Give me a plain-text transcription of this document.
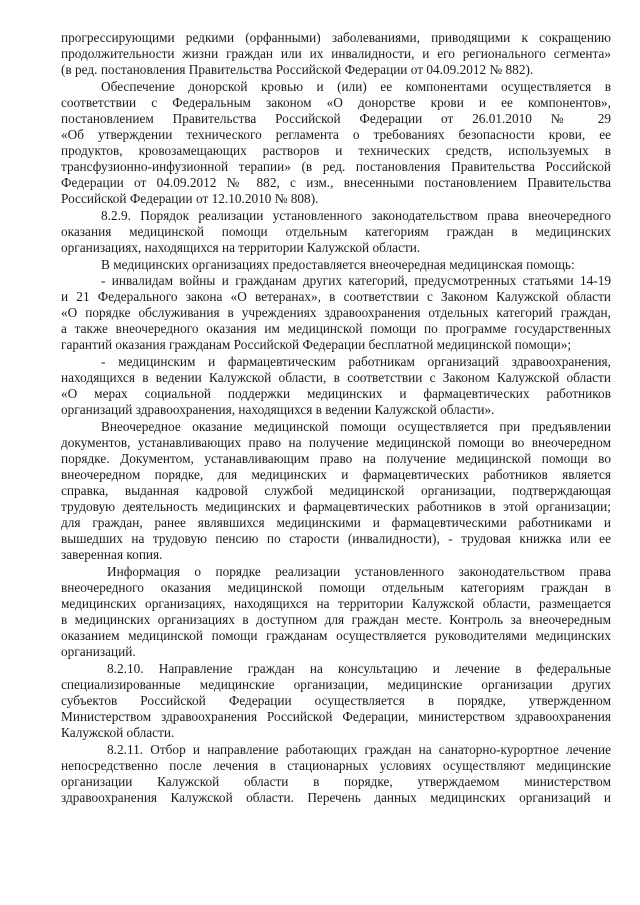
прогрессирующими редкими (орфанными) заболеваниями, приводящими к сокращению
продолжительности жизни граждан или их инвалидности, и его регионального сегмента»
(в ред. постановления Правительства Российской Федерации от 04.09.2012 № 882).
Обеспечение донорской кровью и (или) ее компонентами осуществляется в
соответствии с Федеральным законом «О донорстве крови и ее компонентов»,
постановлением Правительства Российской Федерации от 26.01.2010 № 29
«Об утверждении технического регламента о требованиях безопасности крови, ее
продуктов, кровозамещающих растворов и технических средств, используемых в
трансфузионно-инфузионной терапии» (в ред. постановления Правительства Российской
Федерации от 04.09.2012 № 882, с изм., внесенными постановлением Правительства
Российской Федерации от 12.10.2010 № 808).
8.2.9. Порядок реализации установленного законодательством права внеочередного
оказания медицинской помощи отдельным категориям граждан в медицинских
организациях, находящихся на территории Калужской области.
В медицинских организациях предоставляется внеочередная медицинская помощь:
- инвалидам войны и гражданам других категорий, предусмотренных статьями 14-19
и 21 Федерального закона «О ветеранах», в соответствии с Законом Калужской области
«О порядке обслуживания в учреждениях здравоохранения отдельных категорий граждан,
а также внеочередного оказания им медицинской помощи по программе государственных
гарантий оказания гражданам Российской Федерации бесплатной медицинской помощи»;
- медицинским и фармацевтическим работникам организаций здравоохранения,
находящихся в ведении Калужской области, в соответствии с Законом Калужской области
«О мерах социальной поддержки медицинских и фармацевтических работников
организаций здравоохранения, находящихся в ведении Калужской области».
Внеочередное оказание медицинской помощи осуществляется при предъявлении
документов, устанавливающих право на получение медицинской помощи во внеочередном
порядке. Документом, устанавливающим право на получение медицинской помощи во
внеочередном порядке, для медицинских и фармацевтических работников является
справка, выданная кадровой службой медицинской организации, подтверждающая
трудовую деятельность медицинских и фармацевтических работников в этой организации;
для граждан, ранее являвшихся медицинскими и фармацевтическими работниками и
вышедших на трудовую пенсию по старости (инвалидности), - трудовая книжка или ее
заверенная копия.
Информация о порядке реализации установленного законодательством права
внеочередного оказания медицинской помощи отдельным категориям граждан в
медицинских организациях, находящихся на территории Калужской области, размещается
в медицинских организациях в доступном для граждан месте. Контроль за внеочередным
оказанием медицинской помощи гражданам осуществляется руководителями медицинских
организаций.
8.2.10. Направление граждан на консультацию и лечение в федеральные
специализированные медицинские организации, медицинские организации других
субъектов Российской Федерации осуществляется в порядке, утвержденном
Министерством здравоохранения Российской Федерации, министерством здравоохранения
Калужской области.
8.2.11. Отбор и направление работающих граждан на санаторно-курортное лечение
непосредственно после лечения в стационарных условиях осуществляют медицинские
организации Калужской области в порядке, утверждаемом министерством
здравоохранения Калужской области. Перечень данных медицинских организаций и
